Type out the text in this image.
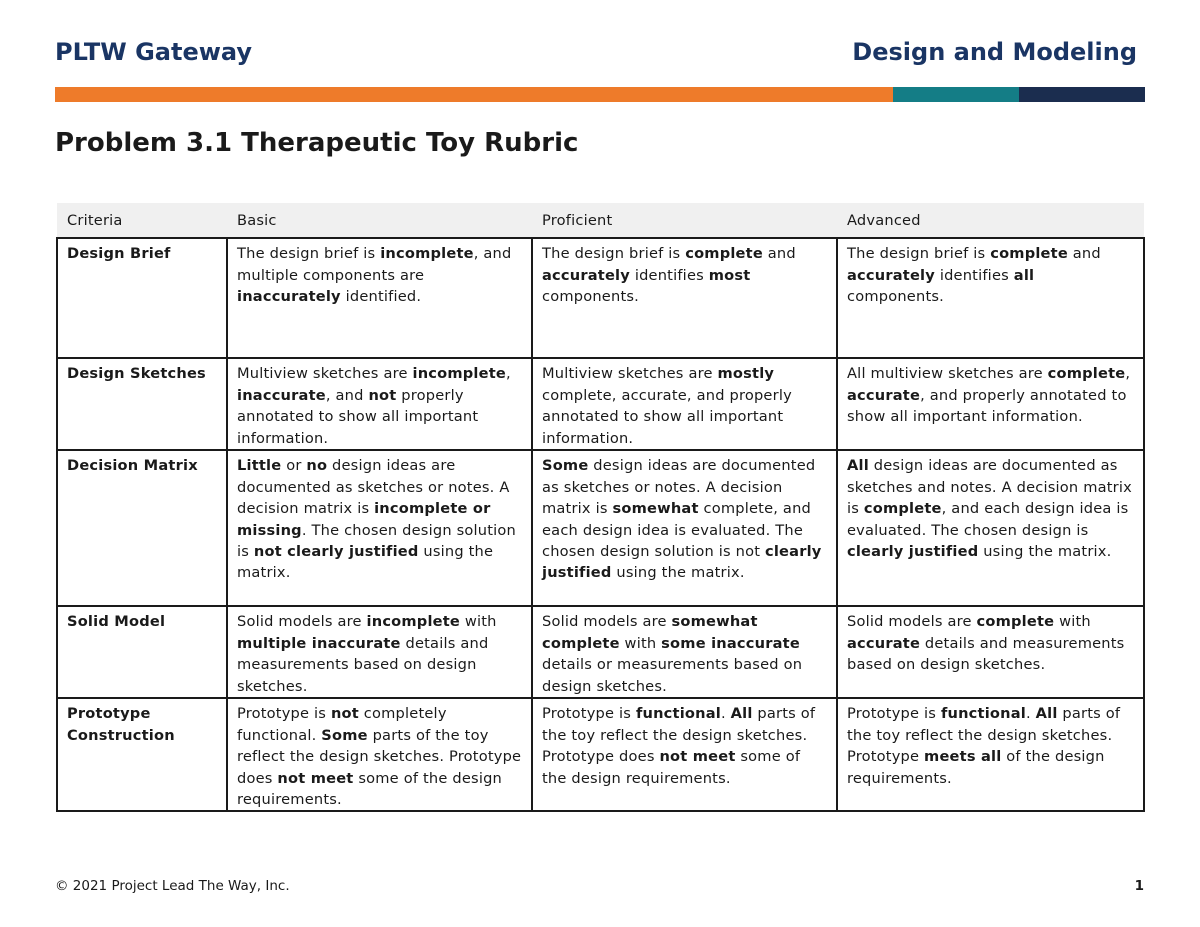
PLTW Gateway	Design and Modeling
Problem 3.1 Therapeutic Toy Rubric
Criteria	Basic	Proficient	Advanced
Design Brief	The design brief is incomplete, and multiple components are inaccurately identified.	The design brief is complete and accurately identifies most components.	The design brief is complete and accurately identifies all components.
Design Sketches	Multiview sketches are incomplete, inaccurate, and not properly annotated to show all important information.	Multiview sketches are mostly complete, accurate, and properly annotated to show all important information.	All multiview sketches are complete, accurate, and properly annotated to show all important information.
Decision Matrix	Little or no design ideas are documented as sketches or notes. A decision matrix is incomplete or missing. The chosen design solution is not clearly justified using the matrix.	Some design ideas are documented as sketches or notes. A decision matrix is somewhat complete, and each design idea is evaluated. The chosen design solution is not clearly justified using the matrix.	All design ideas are documented as sketches and notes. A decision matrix is complete, and each design idea is evaluated. The chosen design is clearly justified using the matrix.
Solid Model	Solid models are incomplete with multiple inaccurate details and measurements based on design sketches.	Solid models are somewhat complete with some inaccurate details or measurements based on design sketches.	Solid models are complete with accurate details and measurements based on design sketches.
Prototype Construction	Prototype is not completely functional. Some parts of the toy reflect the design sketches. Prototype does not meet some of the design requirements.	Prototype is functional. All parts of the toy reflect the design sketches. Prototype does not meet some of the design requirements.	Prototype is functional. All parts of the toy reflect the design sketches. Prototype meets all of the design requirements.
© 2021 Project Lead The Way, Inc.	1
